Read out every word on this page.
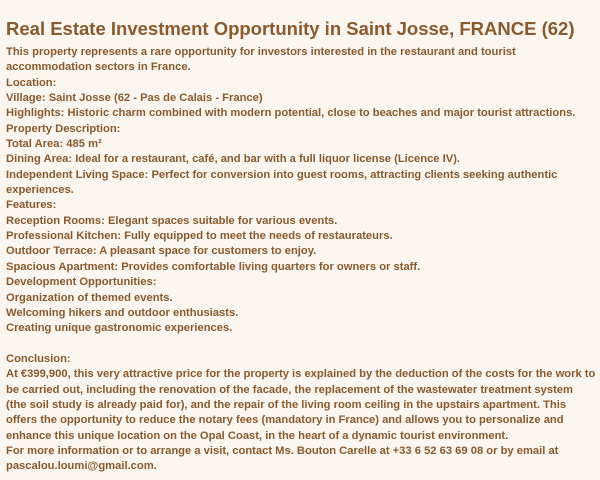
Real Estate Investment Opportunity in Saint Josse, FRANCE (62)

This property represents a rare opportunity for investors interested in the restaurant and tourist accommodation sectors in France.

Location:

Village: Saint Josse (62 - Pas de Calais - France)

Highlights: Historic charm combined with modern potential, close to beaches and major tourist attractions.

Property Description:

Total Area: 485 m²

Dining Area: Ideal for a restaurant, café, and bar with a full liquor license (Licence IV).

Independent Living Space: Perfect for conversion into guest rooms, attracting clients seeking authentic experiences.

Features:

Reception Rooms: Elegant spaces suitable for various events.

Professional Kitchen: Fully equipped to meet the needs of restaurateurs.

Outdoor Terrace: A pleasant space for customers to enjoy.

Spacious Apartment: Provides comfortable living quarters for owners or staff.

Development Opportunities:

Organization of themed events.

Welcoming hikers and outdoor enthusiasts.

Creating unique gastronomic experiences.

Conclusion:

At €399,900, this very attractive price for the property is explained by the deduction of the costs for the work to be carried out, including the renovation of the facade, the replacement of the wastewater treatment system (the soil study is already paid for), and the repair of the living room ceiling in the upstairs apartment. This offers the opportunity to reduce the notary fees (mandatory in France) and allows you to personalize and enhance this unique location on the Opal Coast, in the heart of a dynamic tourist environment.

For more information or to arrange a visit, contact Ms. Bouton Carelle at +33 6 52 63 69 08 or by email at pascalou.loumi@gmail.com.
